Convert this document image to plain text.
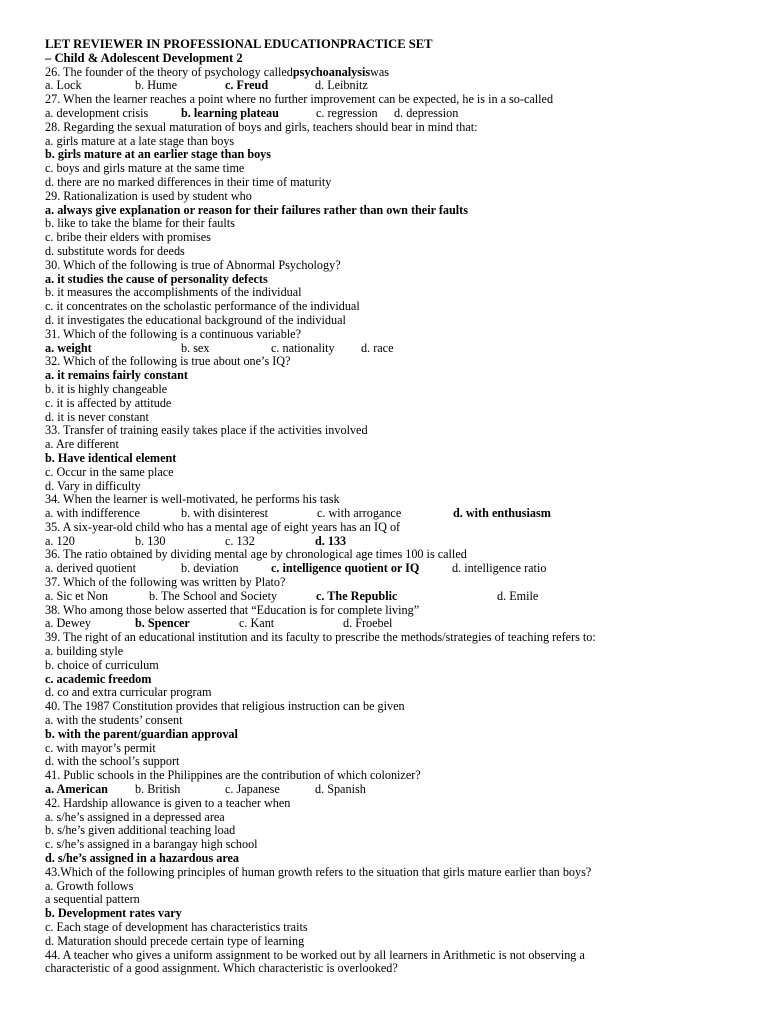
LET REVIEWER IN PROFESSIONAL EDUCATIONPRACTICE SET
– Child & Adolescent Development 2
26. The founder of the theory of psychology calledpsychoanalysiswas
a. Lock	b. Hume	c. Freud	d. Leibnitz
27. When the learner reaches a point where no further improvement can be expected, he is in a so-called
a. development crisis	b. learning plateau	c. regression d. depression
28. Regarding the sexual maturation of boys and girls, teachers should bear in mind that:
a. girls mature at a late stage than boys
b. girls mature at an earlier stage than boys
c. boys and girls mature at the same time
d. there are no marked differences in their time of maturity
29. Rationalization is used by student who
a. always give explanation or reason for their failures rather than own their faults
b. like to take the blame for their faults
c. bribe their elders with promises
d. substitute words for deeds
30. Which of the following is true of Abnormal Psychology?
a. it studies the cause of personality defects
b. it measures the accomplishments of the individual
c. it concentrates on the scholastic performance of the individual
d. it investigates the educational background of the individual
31. Which of the following is a continuous variable?
a. weight	b. sex	c. nationality d. race
32. Which of the following is true about one’s IQ?
a. it remains fairly constant
b. it is highly changeable
c. it is affected by attitude
d. it is never constant
33. Transfer of training easily takes place if the activities involved
a. Are different
b. Have identical element
c. Occur in the same place
d. Vary in difficulty
34. When the learner is well-motivated, he performs his task
a. with indifference	b. with disinterest	c. with arrogance	d. with enthusiasm
35. A six-year-old child who has a mental age of eight years has an IQ of
a. 120	b. 130	c. 132	d. 133
36. The ratio obtained by dividing mental age by chronological age times 100 is called
a. derived quotient	b. deviation	c. intelligence quotient or IQ	d. intelligence ratio
37. Which of the following was written by Plato?
a. Sic et Non	b. The School and Society	c. The Republic	d. Emile
38. Who among those below asserted that “Education is for complete living”
a. Dewey	b. Spencer	c. Kant	d. Froebel
39. The right of an educational institution and its faculty to prescribe the methods/strategies of teaching refers to:
a. building style
b. choice of curriculum
c. academic freedom
d. co and extra curricular program
40. The 1987 Constitution provides that religious instruction can be given
a. with the students’ consent
b. with the parent/guardian approval
c. with mayor’s permit
d. with the school’s support
41. Public schools in the Philippines are the contribution of which colonizer?
a. American b. British	c. Japanese	d. Spanish
42. Hardship allowance is given to a teacher when
a. s/he’s assigned in a depressed area
b. s/he’s given additional teaching load
c. s/he’s assigned in a barangay high school
d. s/he’s assigned in a hazardous area
43.Which of the following principles of human growth refers to the situation that girls mature earlier than boys?
a. Growth follows
a sequential pattern
b. Development rates vary
c. Each stage of development has characteristics traits
d. Maturation should precede certain type of learning
44. A teacher who gives a uniform assignment to be worked out by all learners in Arithmetic is not observing a
characteristic of a good assignment. Which characteristic is overlooked?
